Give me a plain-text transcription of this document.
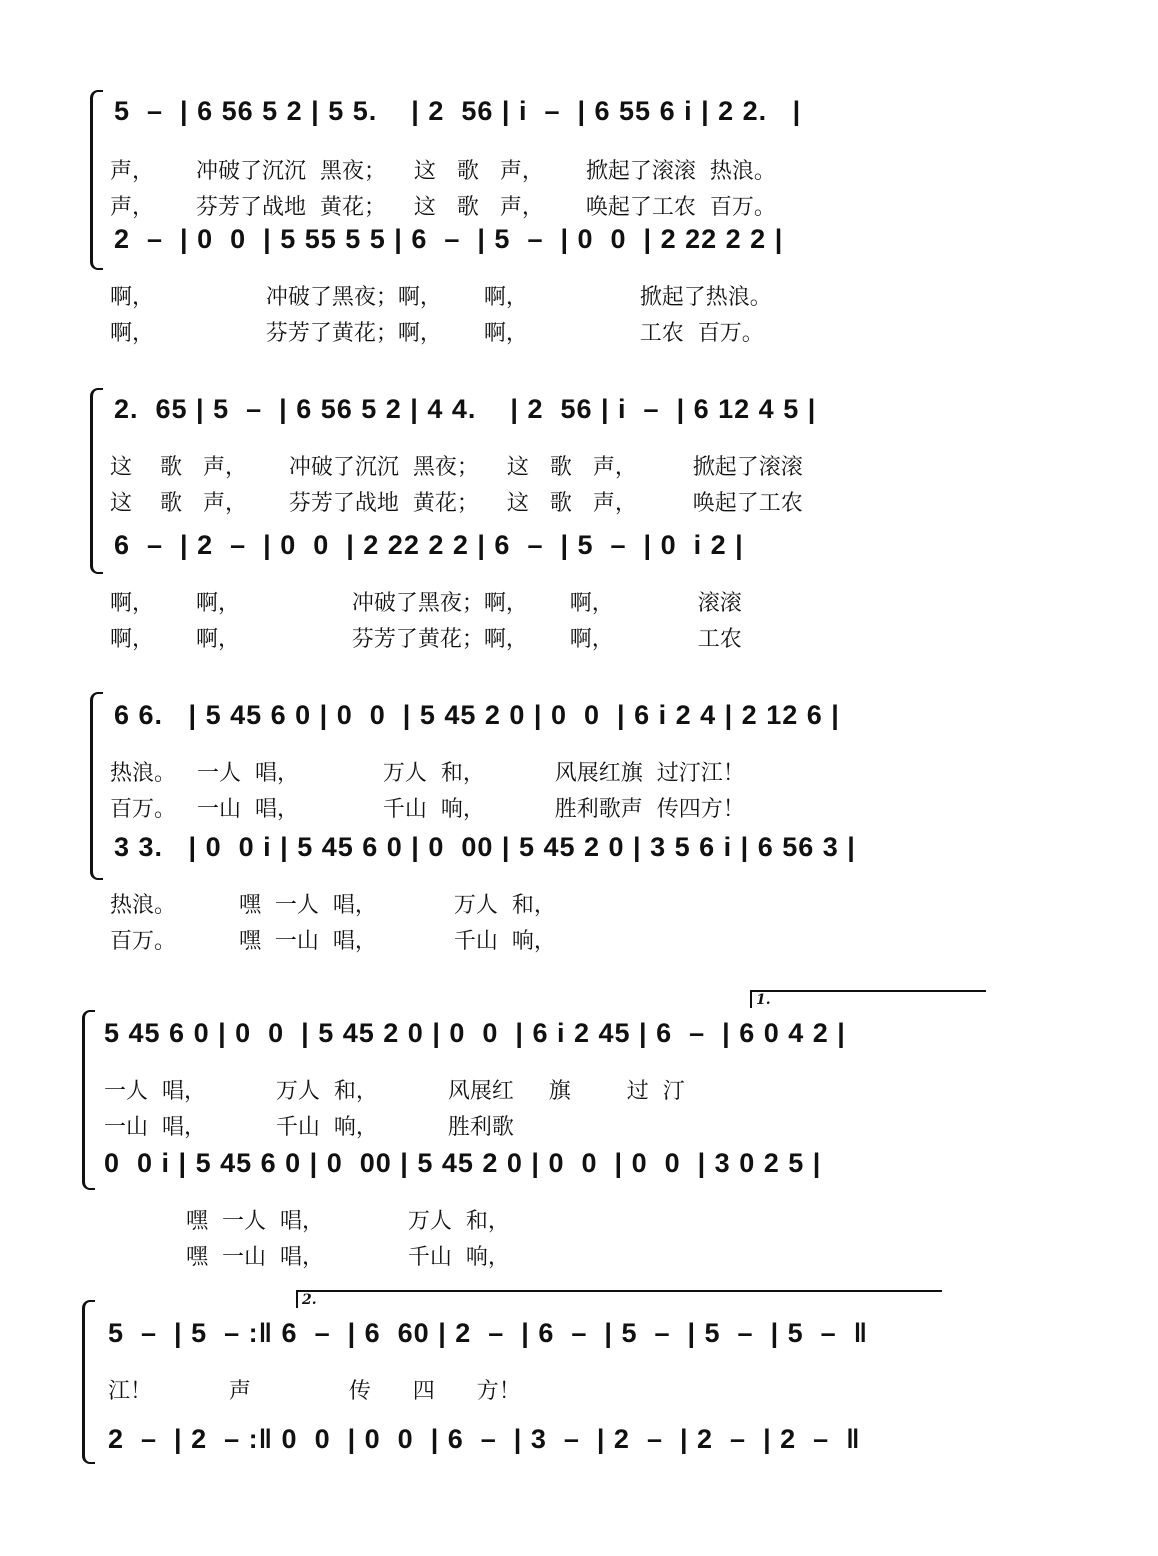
5  –  | 6 56 5 2 | 5 5.    | 2  56 | i  –  | 6 55 6 i | 2 2.   |
声，      冲破了沉沉  黑夜；    这   歌   声，      掀起了滚滚  热浪。
声，      芬芳了战地  黄花；    这   歌   声，      唤起了工农  百万。
2  –  | 0  0  | 5 55 5 5 | 6  –  | 5  –  | 0  0  | 2 22 2 2 |
啊，                冲破了黑夜；啊，      啊，                掀起了热浪。
啊，                芬芳了黄花；啊，      啊，                工农  百万。
2.  65 | 5  –  | 6 56 5 2 | 4 4.    | 2  56 | i  –  | 6 12 4 5 |
这    歌   声，      冲破了沉沉  黑夜；    这   歌   声，        掀起了滚滚
这    歌   声，      芬芳了战地  黄花；    这   歌   声，        唤起了工农
6  –  | 2  –  | 0  0  | 2 22 2 2 | 6  –  | 5  –  | 0  i 2 |
啊，      啊，                冲破了黑夜；啊，      啊，            滚滚
啊，      啊，                芬芳了黄花；啊，      啊，            工农
6 6.   | 5 45 6 0 | 0  0  | 5 45 2 0 | 0  0  | 6 i 2 4 | 2 12 6 |
热浪。   一人  唱，            万人  和，          风展红旗  过汀江！
百万。   一山  唱，            千山  响，          胜利歌声  传四方！
3 3.   | 0  0 i | 5 45 6 0 | 0  00 | 5 45 2 0 | 3 5 6 i | 6 56 3 |
热浪。         嘿  一人  唱，           万人  和，
百万。         嘿  一山  唱，           千山  响，
1.
5 45 6 0 | 0  0  | 5 45 2 0 | 0  0  | 6 i 2 45 | 6  –  | 6 0 4 2 |
一人  唱，          万人  和，          风展红     旗        过  汀
一山  唱，          千山  响，          胜利歌
0  0 i | 5 45 6 0 | 0  00 | 5 45 2 0 | 0  0  | 0  0  | 3 0 2 5 |
嘿  一人  唱，            万人  和，
嘿  一山  唱，            千山  响，
2.
5  –  | 5  – :‖ 6  –  | 6  60 | 2  –  | 6  –  | 5  –  | 5  –  | 5  –  ‖
江！           声              传      四      方！
2  –  | 2  – :‖ 0  0  | 0  0  | 6  –  | 3  –  | 2  –  | 2  –  | 2  –  ‖
